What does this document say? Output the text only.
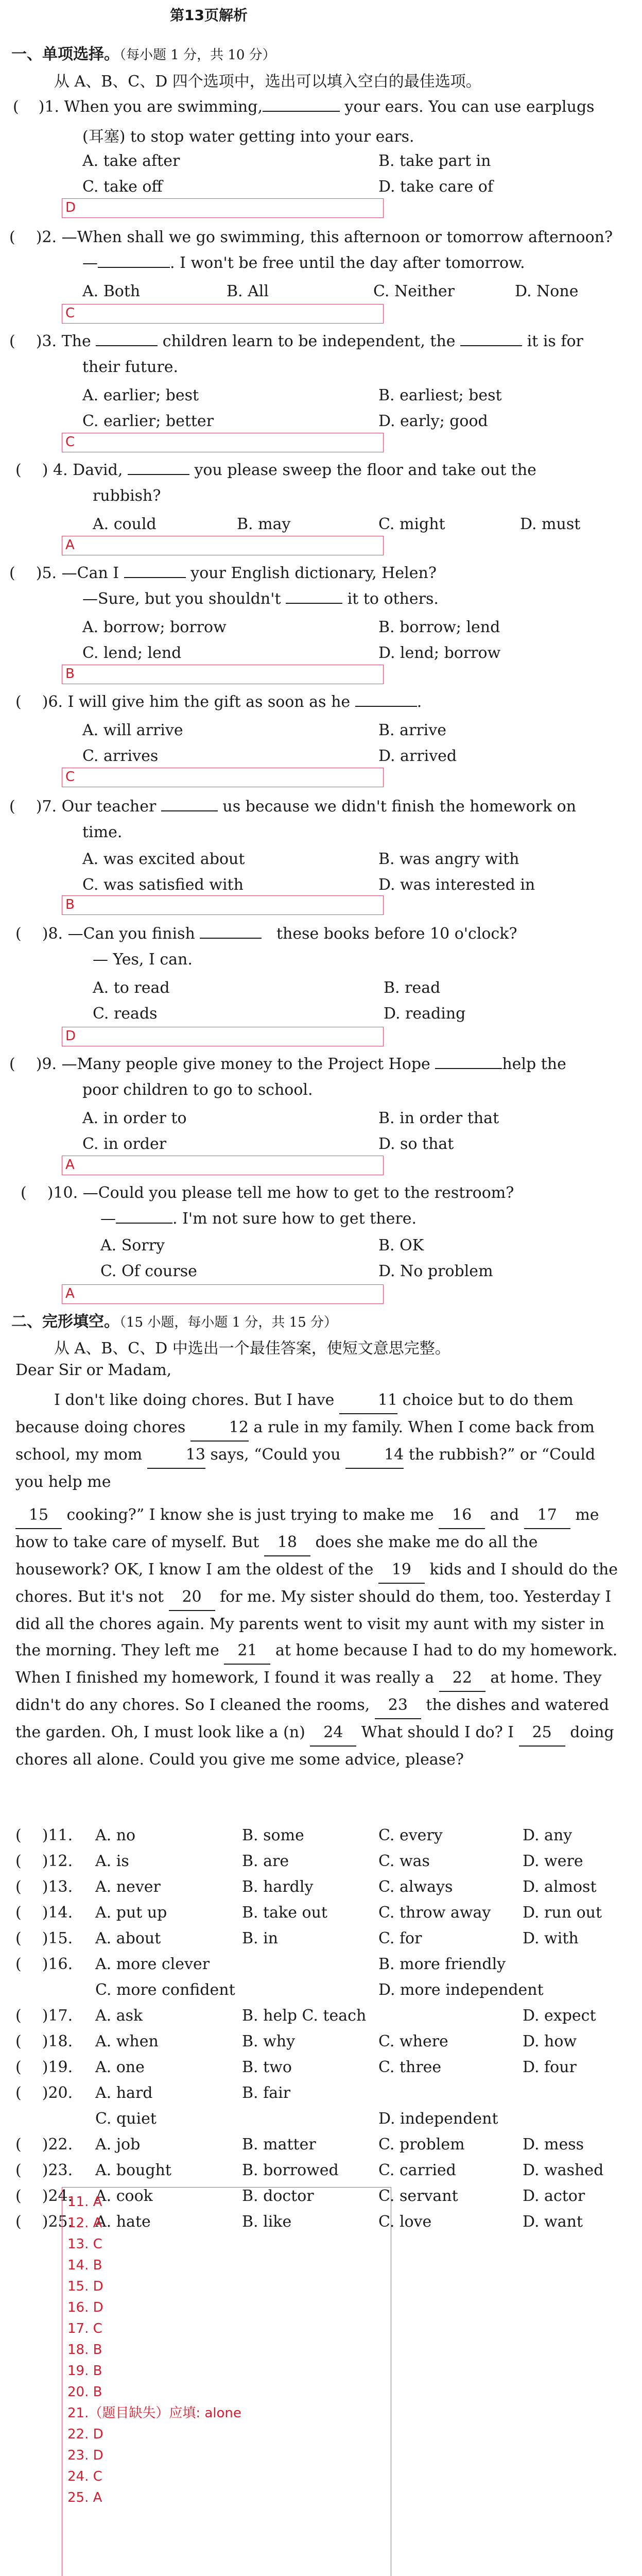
第13页解析
一、单项选择。（每小题 1 分，共 10 分）
从 A、B、C、D 四个选项中，选出可以填入空白的最佳选项。
( )1. When you are swimming,	your ears. You can use earplugs
(耳塞) to stop water getting into your ears.
A. take after	B. take part in
C. take off	D. take care of
D
( )2. —When shall we go swimming, this afternoon or tomorrow afternoon?
—	. I won't be free until the day after tomorrow.
A. Both	B. All	C. Neither	D. None
C
( )3. The	children learn to be independent, the	it is for
their future.
A. earlier; best	B. earliest; best
C. earlier; better	D. early; good
C
( ) 4. David,	you please sweep the floor and take out the
rubbish?
A. could	B. may	C. might	D. must
A
( )5. —Can I	your English dictionary, Helen?
—Sure, but you shouldn't	it to others.
A. borrow; borrow	B. borrow; lend
C. lend; lend	D. lend; borrow
B
( )6. I will give him the gift as soon as he	.
A. will arrive	B. arrive
C. arrives	D. arrived
C
( )7. Our teacher	us because we didn't finish the homework on
time.
A. was excited about	B. was angry with
C. was satisfied with	D. was interested in
B
( )8. —Can you finish	these books before 10 o'clock?
— Yes, I can.
A. to read	B. read
C. reads	D. reading
D
( )9. —Many people give money to the Project Hope	help the
poor children to go to school.
A. in order to	B. in order that
C. in order	D. so that
A
( )10. —Could you please tell me how to get to the restroom?
—	. I'm not sure how to get there.
A. Sorry	B. OK
C. Of course	D. No problem
A
二、完形填空。（15 小题，每小题 1 分，共 15 分）
从 A、B、C、D 中选出一个最佳答案，使短文意思完整。
Dear Sir or Madam,
I don't like doing chores. But I have	11 choice but to do them because doing chores	12 a rule in my family. When I come back from school, my mom	13 says, “Could you	14 the rubbish?” or “Could you help me
15 cooking?” I know she is just trying to make me 16 and 17 me how to take care of myself. But 18 does she make me do all the housework? OK, I know I am the oldest of the 19 kids and I should do the chores. But it's not 20 for me. My sister should do them, too. Yesterday I did all the chores again. My parents went to visit my aunt with my sister in the morning. They left me 21 at home because I had to do my homework. When I finished my homework, I found it was really a 22 at home. They didn't do any chores. So I cleaned the rooms, 23 the dishes and watered the garden. Oh, I must look like a (n) 24 What should I do? I 25 doing chores all alone. Could you give me some advice, please?
( )11. A. no	B. some	C. every	D. any
( )12. A. is	B. are	C. was	D. were
( )13. A. never	B. hardly	C. always	D. almost
( )14. A. put up	B. take out	C. throw away D. run out
( )15. A. about	B. in	C. for	D. with
( )16. A. more clever	B. more friendly
C. more confident	D. more independent
( )17. A. ask	B. help C. teach	D. expect
( )18. A. when	B. why	C. where	D. how
( )19. A. one	B. two	C. three	D. four
( )20. A. hard	B. fair
C. quiet	D. independent
( )22. A. job	B. matter	C. problem	D. mess
( )23. A. bought	B. borrowed	C. carried	D. washed
( )24. A. cook	B. doctor	C. servant	D. actor
( )25. A. hate	B. like	C. love	D. want
11. A
12. A
13. C
14. B
15. D
16. D
17. C
18. B
19. B
20. B
21.（题目缺失）应填: alone
22. D
23. D
24. C
25. A
